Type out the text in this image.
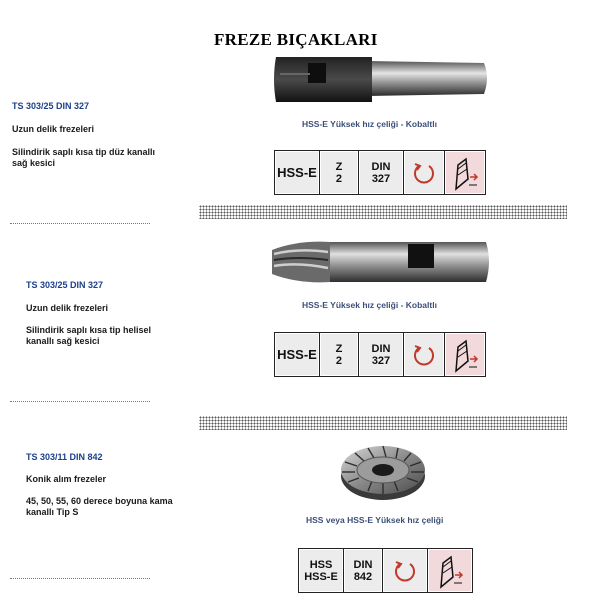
FREZE BIÇAKLARI
TS 303/25 DIN 327
Uzun delik frezeleri
Silindirik saplı kısa tip düz kanallı sağ kesici
HSS-E Yüksek hız çeliği - Kobaltlı
HSS-E Z
2
DIN
327
TS 303/25 DIN 327
Uzun delik frezeleri
Silindirik saplı kısa tip helisel kanallı sağ kesici
HSS-E Yüksek hız çeliği - Kobaltlı
HSS-E Z
2
DIN
327
TS 303/11 DIN 842
Konik alım frezeler
45, 50, 55, 60 derece boyuna kama kanallı Tip S
HSS veya HSS-E Yüksek hız çeliği
HSS
HSS-E
DIN
842
